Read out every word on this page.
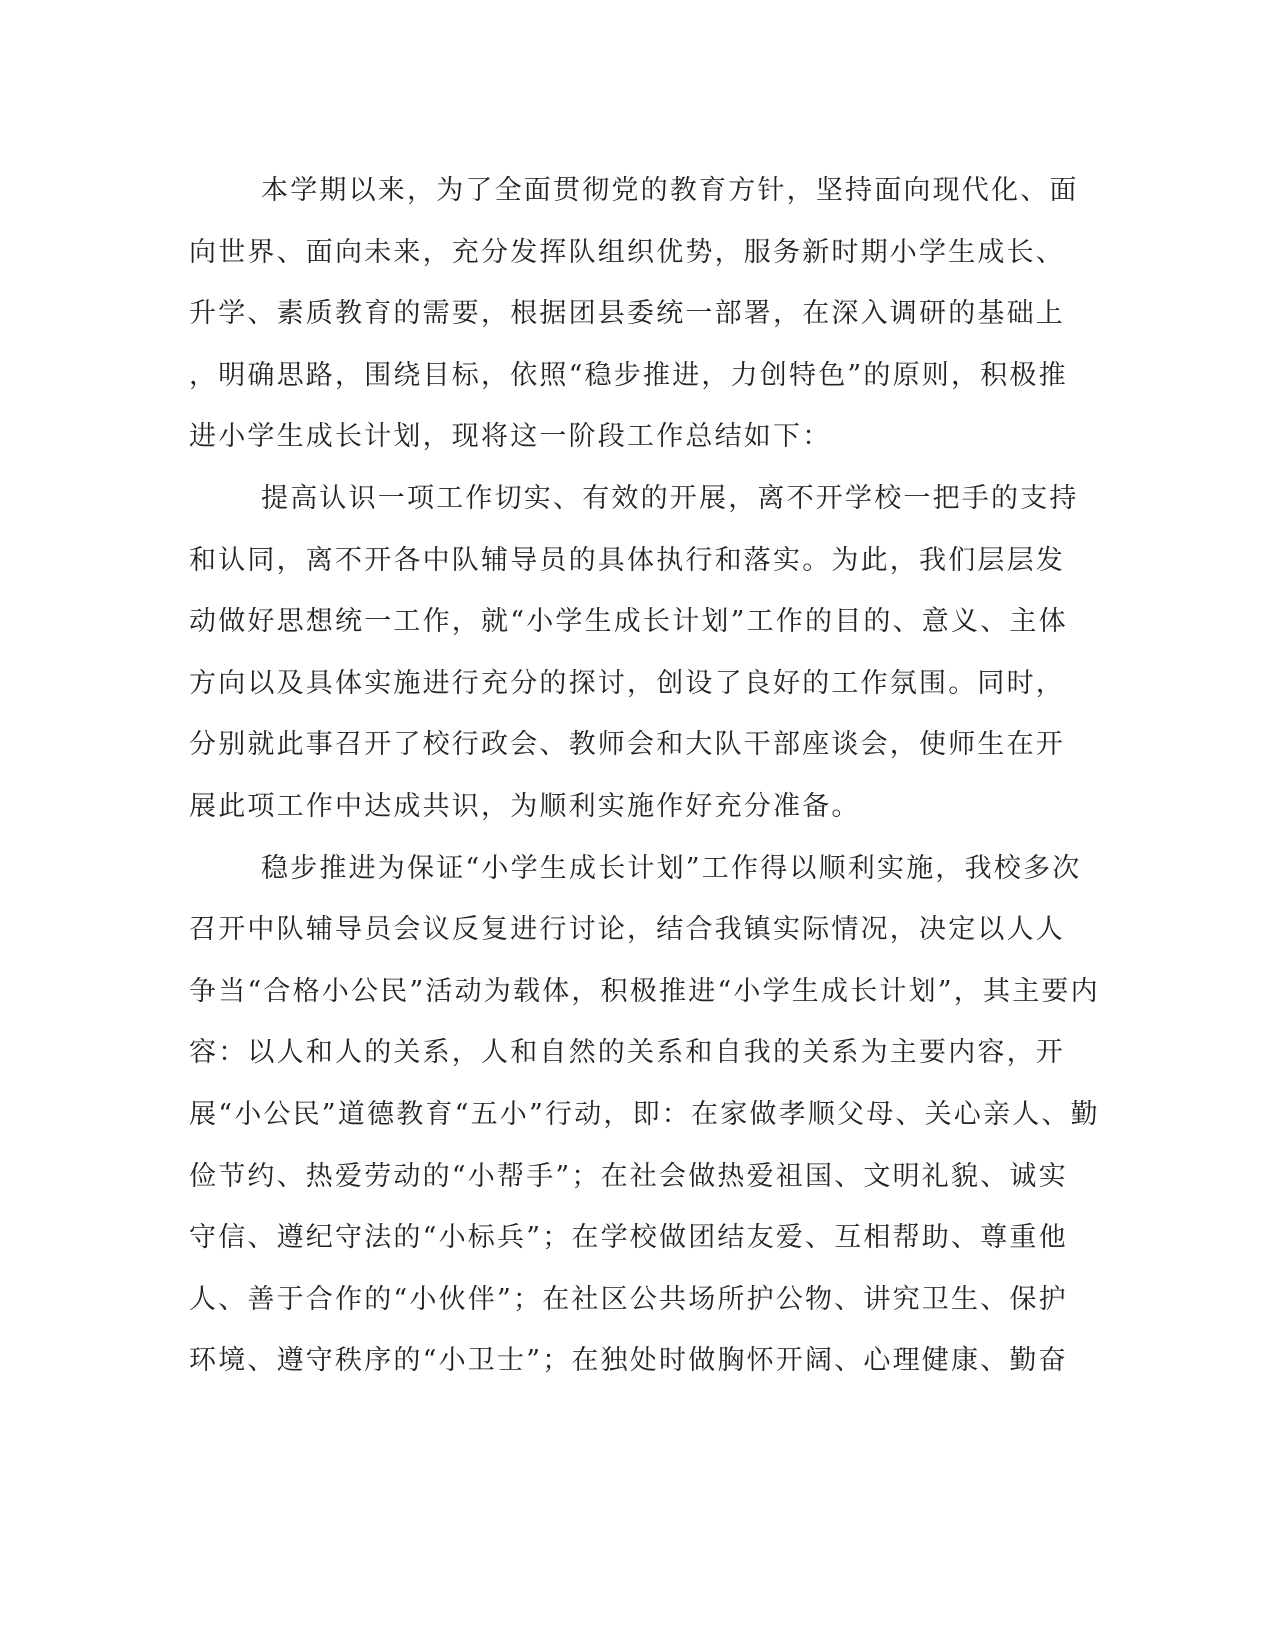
本学期以来，为了全面贯彻党的教育方针，坚持面向现代化、面
向世界、面向未来，充分发挥队组织优势，服务新时期小学生成长、
升学、素质教育的需要，根据团县委统一部署，在深入调研的基础上
，明确思路，围绕目标，依照“稳步推进，力创特色”的原则，积极推
进小学生成长计划，现将这一阶段工作总结如下：
提高认识一项工作切实、有效的开展，离不开学校一把手的支持
和认同，离不开各中队辅导员的具体执行和落实。为此，我们层层发
动做好思想统一工作，就“小学生成长计划”工作的目的、意义、主体
方向以及具体实施进行充分的探讨，创设了良好的工作氛围。同时，
分别就此事召开了校行政会、教师会和大队干部座谈会，使师生在开
展此项工作中达成共识，为顺利实施作好充分准备。
稳步推进为保证“小学生成长计划”工作得以顺利实施，我校多次
召开中队辅导员会议反复进行讨论，结合我镇实际情况，决定以人人
争当“合格小公民”活动为载体，积极推进“小学生成长计划”，其主要内
容：以人和人的关系，人和自然的关系和自我的关系为主要内容，开
展“小公民”道德教育“五小”行动，即：在家做孝顺父母、关心亲人、勤
俭节约、热爱劳动的“小帮手”；在社会做热爱祖国、文明礼貌、诚实
守信、遵纪守法的“小标兵”；在学校做团结友爱、互相帮助、尊重他
人、善于合作的“小伙伴”；在社区公共场所护公物、讲究卫生、保护
环境、遵守秩序的“小卫士”；在独处时做胸怀开阔、心理健康、勤奋
